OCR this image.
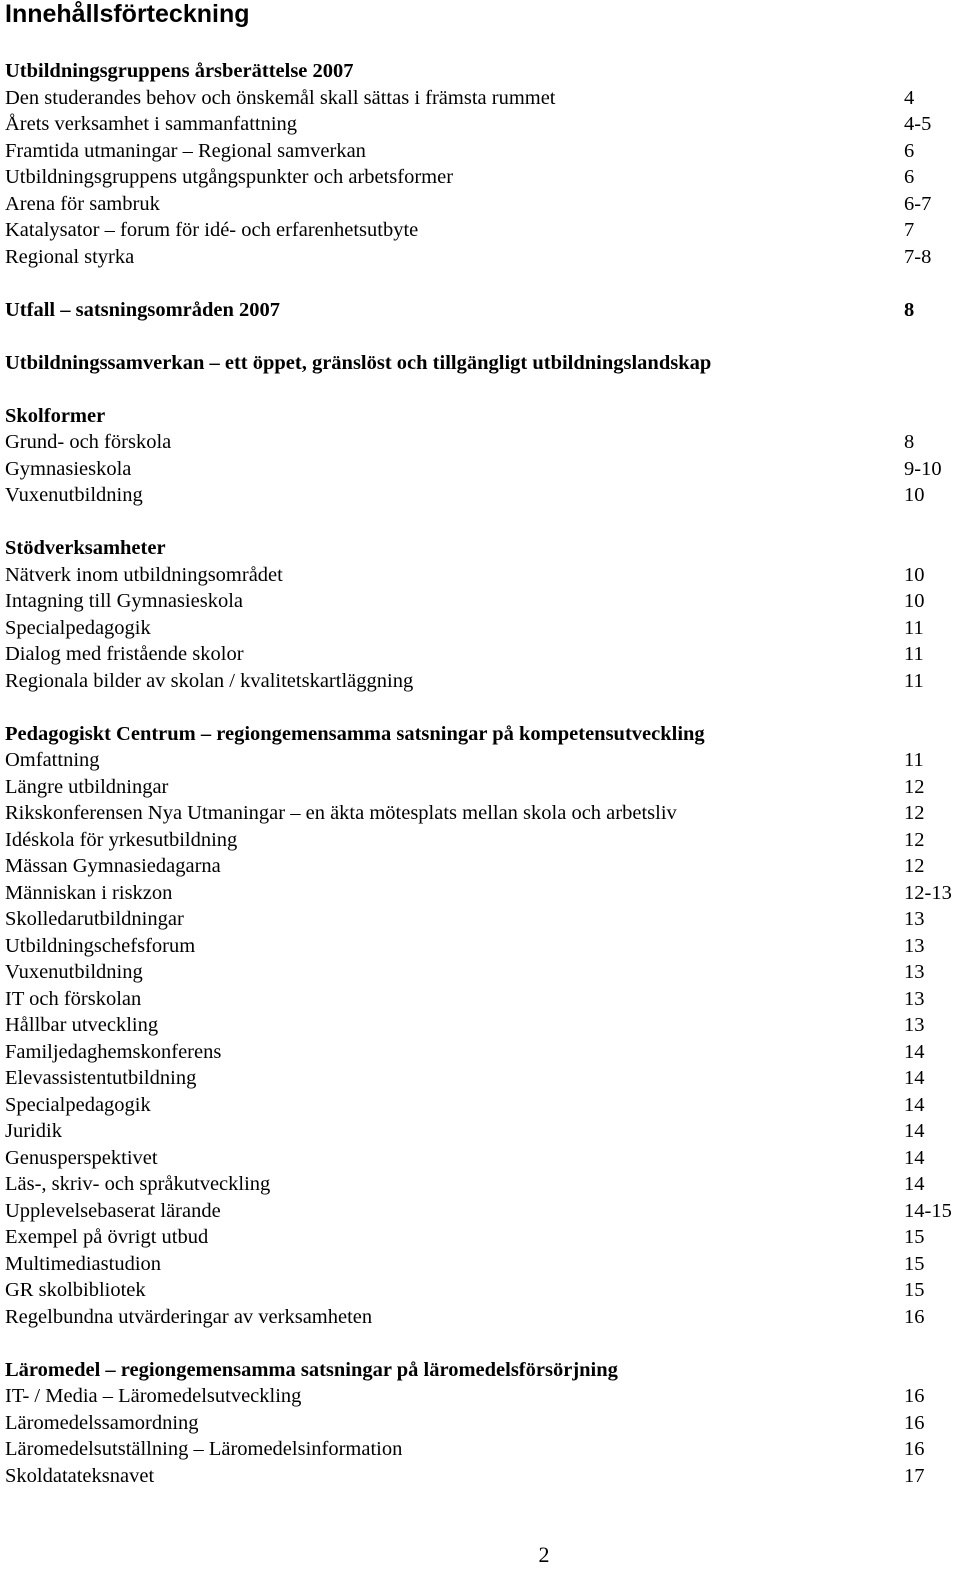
Innehållsförteckning
Utbildningsgruppens årsberättelse 2007
Den studerandes behov och önskemål skall sättas i främsta rummet	4
Årets verksamhet i sammanfattning	4-5
Framtida utmaningar – Regional samverkan	6
Utbildningsgruppens utgångspunkter och arbetsformer	6
Arena för sambruk	6-7
Katalysator – forum för idé- och erfarenhetsutbyte	7
Regional styrka	7-8
Utfall – satsningsområden 2007	8
Utbildningssamverkan – ett öppet, gränslöst och tillgängligt utbildningslandskap
Skolformer
Grund- och förskola	8
Gymnasieskola	9-10
Vuxenutbildning	10
Stödverksamheter
Nätverk inom utbildningsområdet	10
Intagning till Gymnasieskola	10
Specialpedagogik	11
Dialog med fristående skolor	11
Regionala bilder av skolan / kvalitetskartläggning	11
Pedagogiskt Centrum – regiongemensamma satsningar på kompetensutveckling
Omfattning	11
Längre utbildningar	12
Rikskonferensen Nya Utmaningar – en äkta mötesplats mellan skola och arbetsliv	12
Idéskola för yrkesutbildning	12
Mässan Gymnasiedagarna	12
Människan i riskzon	12-13
Skolledarutbildningar	13
Utbildningschefsforum	13
Vuxenutbildning	13
IT och förskolan	13
Hållbar utveckling	13
Familjedaghemskonferens	14
Elevassistentutbildning	14
Specialpedagogik	14
Juridik	14
Genusperspektivet	14
Läs-, skriv- och språkutveckling	14
Upplevelsebaserat lärande	14-15
Exempel på övrigt utbud	15
Multimediastudion	15
GR skolbibliotek	15
Regelbundna utvärderingar av verksamheten	16
Läromedel – regiongemensamma satsningar på läromedelsförsörjning
IT- / Media – Läromedelsutveckling	16
Läromedelssamordning	16
Läromedelsutställning – Läromedelsinformation	16
Skoldatateksnavet	17
2
